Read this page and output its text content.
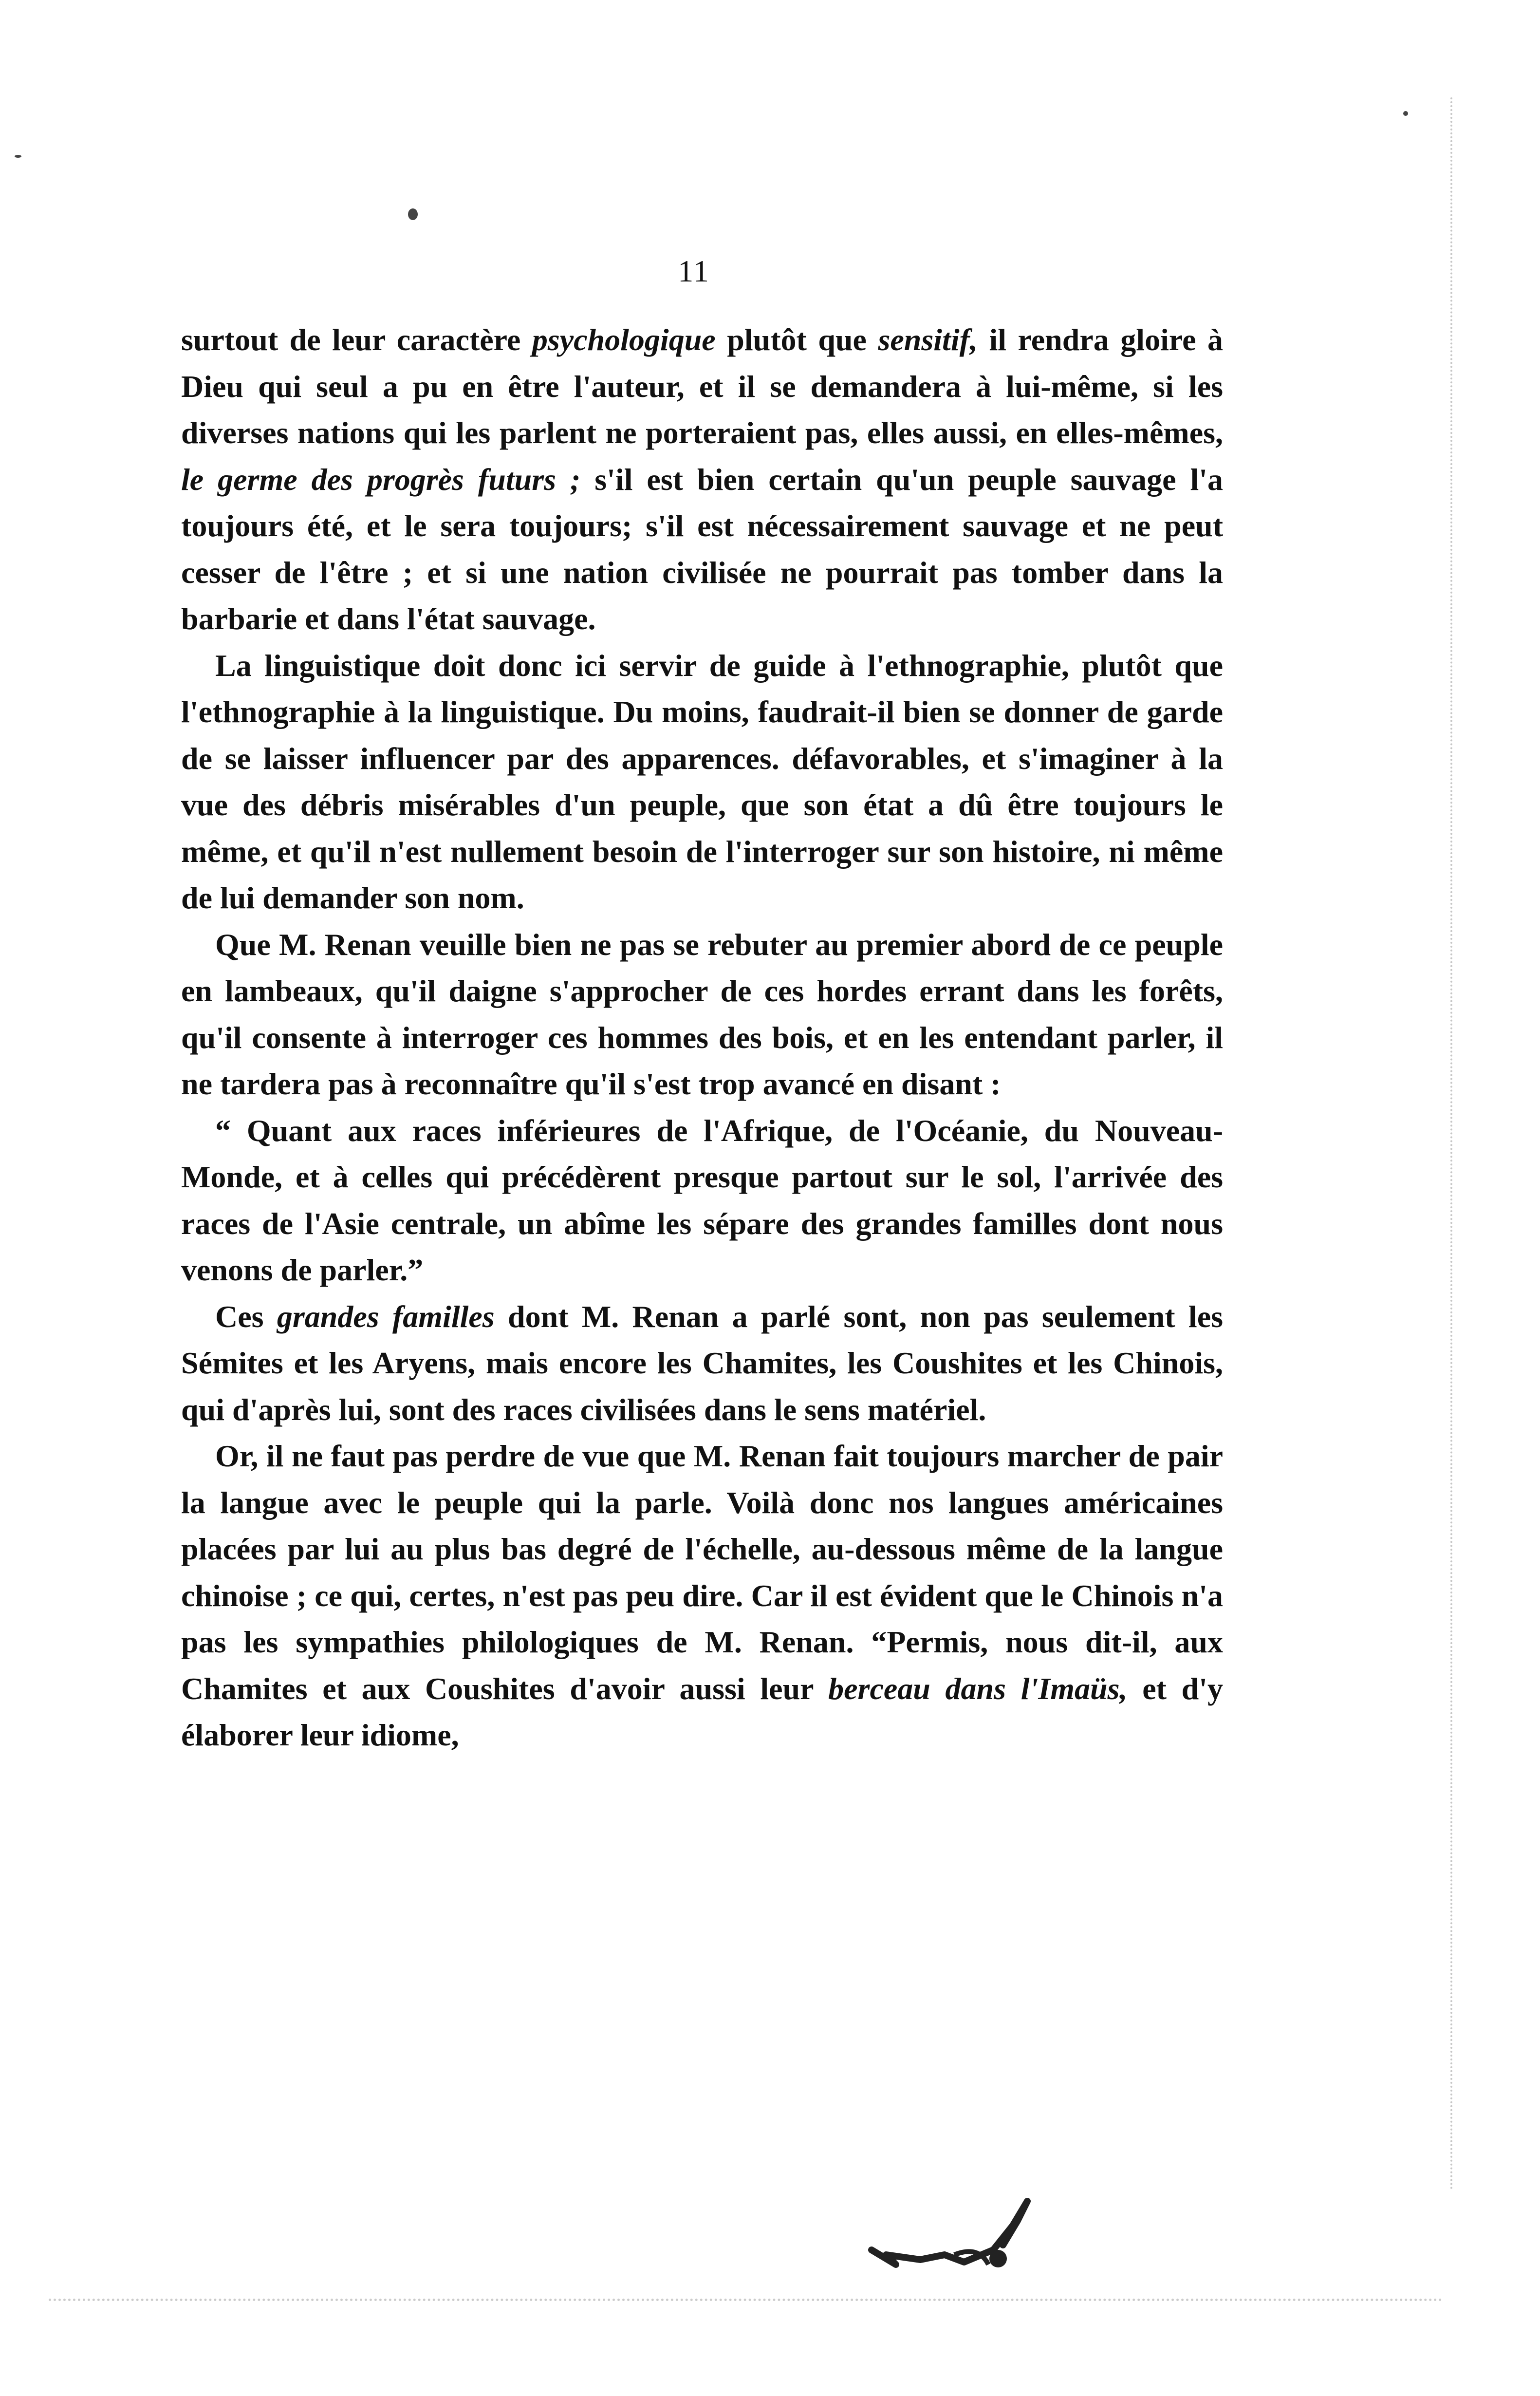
11

surtout de leur caractère psychologique plutôt que sensitif, il rendra gloire à Dieu qui seul a pu en être l'auteur, et il se demandera à lui-même, si les diverses nations qui les parlent ne porteraient pas, elles aussi, en elles-mêmes, le germe des progrès futurs ; s'il est bien certain qu'un peuple sauvage l'a toujours été, et le sera toujours; s'il est nécessairement sauvage et ne peut cesser de l'être ; et si une nation civilisée ne pourrait pas tomber dans la barbarie et dans l'état sauvage.

La linguistique doit donc ici servir de guide à l'ethnographie, plutôt que l'ethnographie à la linguistique. Du moins, faudrait-il bien se donner de garde de se laisser influencer par des apparences. défavorables, et s'imaginer à la vue des débris misérables d'un peuple, que son état a dû être toujours le même, et qu'il n'est nullement besoin de l'interroger sur son histoire, ni même de lui demander son nom.

Que M. Renan veuille bien ne pas se rebuter au premier abord de ce peuple en lambeaux, qu'il daigne s'approcher de ces hordes errant dans les forêts, qu'il consente à interroger ces hommes des bois, et en les entendant parler, il ne tardera pas à reconnaître qu'il s'est trop avancé en disant :

“ Quant aux races inférieures de l'Afrique, de l'Océanie, du Nouveau-Monde, et à celles qui précédèrent presque partout sur le sol, l'arrivée des races de l'Asie centrale, un abîme les sépare des grandes familles dont nous venons de parler.”

Ces grandes familles dont M. Renan a parlé sont, non pas seulement les Sémites et les Aryens, mais encore les Chamites, les Coushites et les Chinois, qui d'après lui, sont des races civilisées dans le sens matériel.

Or, il ne faut pas perdre de vue que M. Renan fait toujours marcher de pair la langue avec le peuple qui la parle. Voilà donc nos langues américaines placées par lui au plus bas degré de l'échelle, au-dessous même de la langue chinoise ; ce qui, certes, n'est pas peu dire. Car il est évident que le Chinois n'a pas les sympathies philologiques de M. Renan. “Permis, nous dit-il, aux Chamites et aux Coushites d'avoir aussi leur berceau dans l'Imaüs, et d'y élaborer leur idiome,
